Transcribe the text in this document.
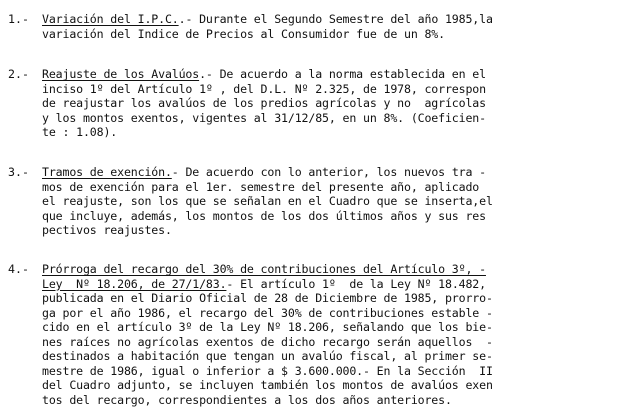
1.- Variación del I.P.C..- Durante el Segundo Semestre del año 1985,la
variación del Indice de Precios al Consumidor fue de un 8%.
2.- Reajuste de los Avalúos.- De acuerdo a la norma establecida en el
inciso 1º del Artículo 1º , del D.L. Nº 2.325, de 1978, correspon
de reajustar los avalúos de los predios agrícolas y no  agrícolas
y los montos exentos, vigentes al 31/12/85, en un 8%. (Coeficien-
te : 1.08).
3.- Tramos de exención.- De acuerdo con lo anterior, los nuevos tra -
mos de exención para el 1er. semestre del presente año, aplicado
el reajuste, son los que se señalan en el Cuadro que se inserta,el
que incluye, además, los montos de los dos últimos años y sus res
pectivos reajustes.
4.- Prórroga del recargo del 30% de contribuciones del Artículo 3º, -
Ley  Nº 18.206, de 27/1/83.- El artículo 1º  de la Ley Nº 18.482,
publicada en el Diario Oficial de 28 de Diciembre de 1985, prorro-
ga por el año 1986, el recargo del 30% de contribuciones estable -
cido en el artículo 3º de la Ley Nº 18.206, señalando que los bie-
nes raíces no agrícolas exentos de dicho recargo serán aquellos  -
destinados a habitación que tengan un avalúo fiscal, al primer se-
mestre de 1986, igual o inferior a $ 3.600.000.- En la Sección  II
del Cuadro adjunto, se incluyen también los montos de avalúos exen
tos del recargo, correspondientes a los dos años anteriores.
